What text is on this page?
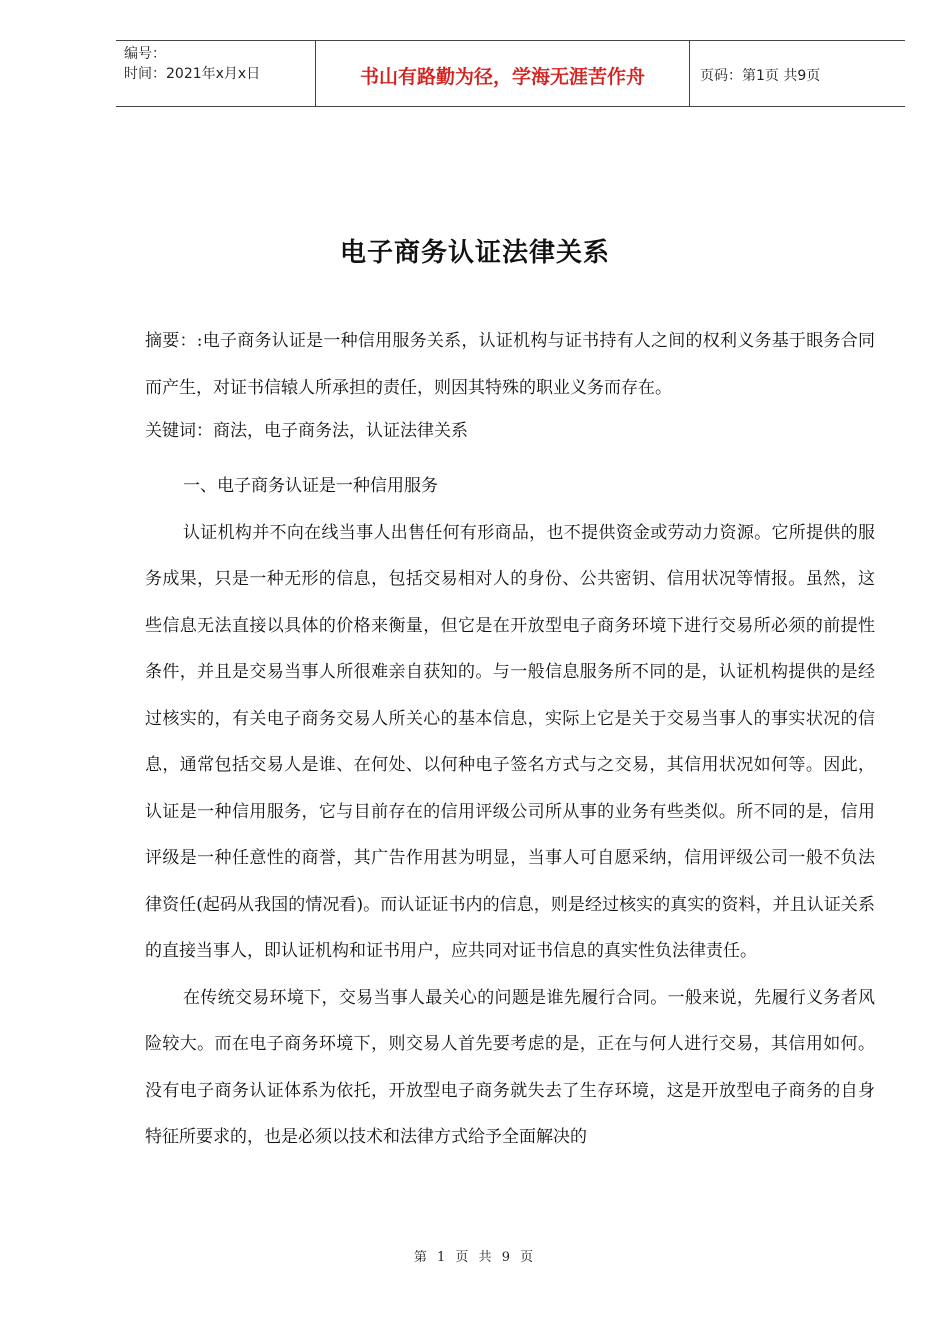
编号：
时间：2021年x月x日	书山有路勤为径，学海无涯苦作舟	页码：第1页 共9页
电子商务认证法律关系

摘要：:电子商务认证是一种信用服务关系，认证机构与证书持有人之间的权利义务基于眼务合同而产生，对证书信辕人所承担的责任，则因其特殊的职业义务而存在。

关键词：商法，电子商务法，认证法律关系

一、电子商务认证是一种信用服务

认证机构并不向在线当事人出售任何有形商品，也不提供资金或劳动力资源。它所提供的服务成果，只是一种无形的信息，包括交易相对人的身份、公共密钥、信用状况等情报。虽然，这些信息无法直接以具体的价格来衡量，但它是在开放型电子商务环境下进行交易所必须的前提性条件，并且是交易当事人所很难亲自获知的。与一般信息服务所不同的是，认证机构提供的是经过核实的，有关电子商务交易人所关心的基本信息，实际上它是关于交易当事人的事实状况的信息，通常包括交易人是谁、在何处、以何种电子签名方式与之交易，其信用状况如何等。因此，认证是一种信用服务，它与目前存在的信用评级公司所从事的业务有些类似。所不同的是，信用评级是一种任意性的商誉，其广告作用甚为明显，当事人可自愿采纳，信用评级公司一般不负法律资任(起码从我国的情况看)。而认证证书内的信息，则是经过核实的真实的资料，并且认证关系的直接当事人，即认证机构和证书用户，应共同对证书信息的真实性负法律责任。

在传统交易环境下，交易当事人最关心的问题是谁先履行合同。一般来说，先履行义务者风险较大。而在电子商务环境下，则交易人首先要考虑的是，正在与何人进行交易，其信用如何。没有电子商务认证体系为依托，开放型电子商务就失去了生存环境，这是开放型电子商务的自身特征所要求的，也是必须以技术和法律方式给予全面解决的

第 1 页 共 9 页
